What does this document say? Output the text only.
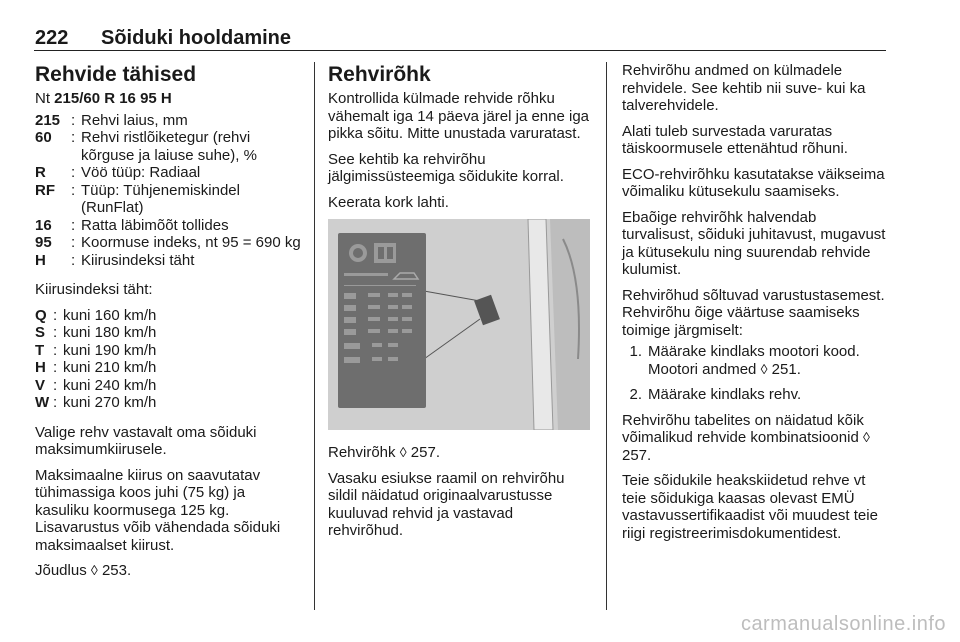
222 Sõiduki hooldamine
Rehvide tähised

Nt 215/60 R 16 95 H

215 : Rehvi laius, mm
60	: Rehvi ristlõiketegur (rehvi kõrguse ja laiuse suhe), %
R	: Vöö tüüp: Radiaal
RF	: Tüüp: Tühjenemiskindel (RunFlat)
16	: Ratta läbimõõt tollides
95	: Koormuse indeks, nt 95 = 690 kg
H	: Kiirusindeksi täht

Kiirusindeksi täht:

Q : kuni 160 km/h
S : kuni 180 km/h
T : kuni 190 km/h
H : kuni 210 km/h
V : kuni 240 km/h
W : kuni 270 km/h

Valige rehv vastavalt oma sõiduki maksimumkiirusele.

Maksimaalne kiirus on saavutatav tühimassiga koos juhi (75 kg) ja kasuliku koormusega 125 kg. Lisavarustus võib vähendada sõiduki maksimaalset kiirust.

Jõudlus ◊ 253.

Rehvirõhk

Kontrollida külmade rehvide rõhku vähemalt iga 14 päeva järel ja enne iga pikka sõitu. Mitte unustada varuratast.

See kehtib ka rehvirõhu jälgimissüsteemiga sõidukite korral.

Keerata kork lahti.

Rehvirõhk ◊ 257.

Vasaku esiukse raamil on rehvirõhu sildil näidatud originaalvarustusse kuuluvad rehvid ja vastavad rehvirõhud.

Rehvirõhu andmed on külmadele rehvidele. See kehtib nii suve- kui ka talverehvidele.

Alati tuleb survestada varuratas täiskoormusele ettenähtud rõhuni.

ECO-rehvirõhku kasutatakse väikseima võimaliku kütusekulu saamiseks.

Ebaõige rehvirõhk halvendab turvalisust, sõiduki juhitavust, mugavust ja kütusekulu ning suurendab rehvide kulumist.

Rehvirõhud sõltuvad varustustasemest. Rehvirõhu õige väärtuse saamiseks toimige järgmiselt:

1. Määrake kindlaks mootori kood. Mootori andmed ◊ 251.
2. Määrake kindlaks rehv.

Rehvirõhu tabelites on näidatud kõik võimalikud rehvide kombinatsioonid ◊ 257.

Teie sõidukile heakskiidetud rehve vt teie sõidukiga kaasas olevast EMÜ vastavussertifikaadist või muudest teie riigi registreerimisdokumentidest.

carmanualsonline.info
